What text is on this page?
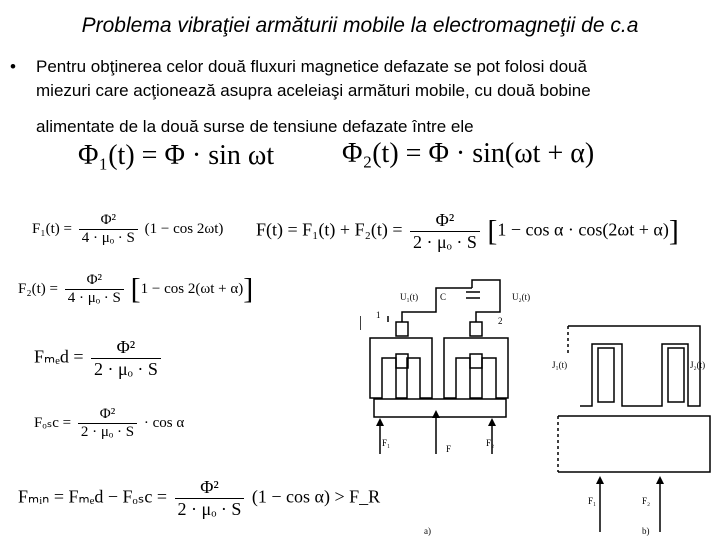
Problema vibraţiei armăturii mobile la electromagneţii de c.a
• Pentru obţinerea celor două fluxuri magnetice defazate se pot folosi două
miezuri care acţionează asupra aceleiaşi armături mobile, cu două bobine
alimentate de la două surse de tensiune defazate între ele
Φ₁(t) = Φ · sin ωt Φ₂(t) = Φ · sin(ωt + α)
$F_1(t) = \frac{\text{Φ²}}{\text{4 · μₒ · S}} (1 - \cos 2\omega t) F(t) = F_1(t) + F_2(t) = \frac{\text{Φ²}}{\text{2 · μₒ · S}} [1 - \cos \alpha \cdot \cos(2\omega t + \alpha)]$
$F_2(t) = \frac{\text{Φ²}}{\text{4 · μₒ · S}} [1 - \cos 2(\omega t + \alpha)]$
$F_{me}d = \frac{\text{Φ²}}{\text{2 · μₒ · S}}$
$F_{os}c = \frac{\text{Φ²}}{\text{2 · μₒ · S}} \cdot \cos \alpha$
Fₘᵢₙ = $F_{me}d - F_{os}c = \frac{\text{Φ²}}{\text{2 · μₒ · S}} (1 - \cos \alpha)$ > F_R
U₁(t) C	U₂(t)
1
2
F₁
F
F₂
a)
J₁(t)	J₂(t)
F₁	F₂
b)
